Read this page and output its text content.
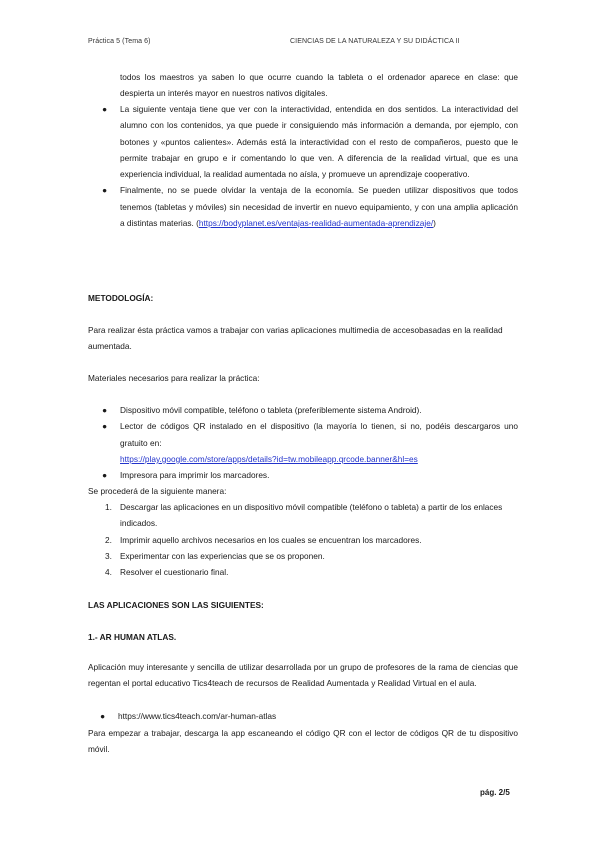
Práctica 5 (Tema 6)	CIENCIAS DE LA NATURALEZA Y SU DIDÁCTICA II
todos los maestros ya saben lo que ocurre cuando la tableta o el ordenador aparece en clase: que despierta un interés mayor en nuestros nativos digitales.
● La siguiente ventaja tiene que ver con la interactividad, entendida en dos sentidos. La interactividad del alumno con los contenidos, ya que puede ir consiguiendo más información a demanda, por ejemplo, con botones y «puntos calientes». Además está la interactividad con el resto de compañeros, puesto que le permite trabajar en grupo e ir comentando lo que ven. A diferencia de la realidad virtual, que es una experiencia individual, la realidad aumentada no aísla, y promueve un aprendizaje cooperativo.
● Finalmente, no se puede olvidar la ventaja de la economía. Se pueden utilizar dispositivos que todos tenemos (tabletas y móviles) sin necesidad de invertir en nuevo equipamiento, y con una amplia aplicación a distintas materias. (https://bodyplanet.es/ventajas-realidad-aumentada-aprendizaje/)
METODOLOGÍA:
Para realizar ésta práctica vamos a trabajar con varias aplicaciones multimedia de accesobasadas en la realidad aumentada.
Materiales necesarios para realizar la práctica:
● Dispositivo móvil compatible, teléfono o tableta (preferiblemente sistema Android).
● Lector de códigos QR instalado en el dispositivo (la mayoría lo tienen, si no, podéis descargaros uno gratuito en:
https://play.google.com/store/apps/details?id=tw.mobileapp.qrcode.banner&hl=es
● Impresora para imprimir los marcadores.
Se procederá de la siguiente manera:
1. Descargar las aplicaciones en un dispositivo móvil compatible (teléfono o tableta) a partir de los enlaces indicados.
2. Imprimir aquello archivos necesarios en los cuales se encuentran los marcadores.
3. Experimentar con las experiencias que se os proponen.
4. Resolver el cuestionario final.
LAS APLICACIONES SON LAS SIGUIENTES:
1.- AR HUMAN ATLAS.
Aplicación muy interesante y sencilla de utilizar desarrollada por un grupo de profesores de la rama de ciencias que regentan el portal educativo Tics4teach de recursos de Realidad Aumentada y Realidad Virtual en el aula.
● https://www.tics4teach.com/ar-human-atlas
Para empezar a trabajar, descarga la app escaneando el código QR con el lector de códigos QR de tu dispositivo móvil.
pág. 2/5
